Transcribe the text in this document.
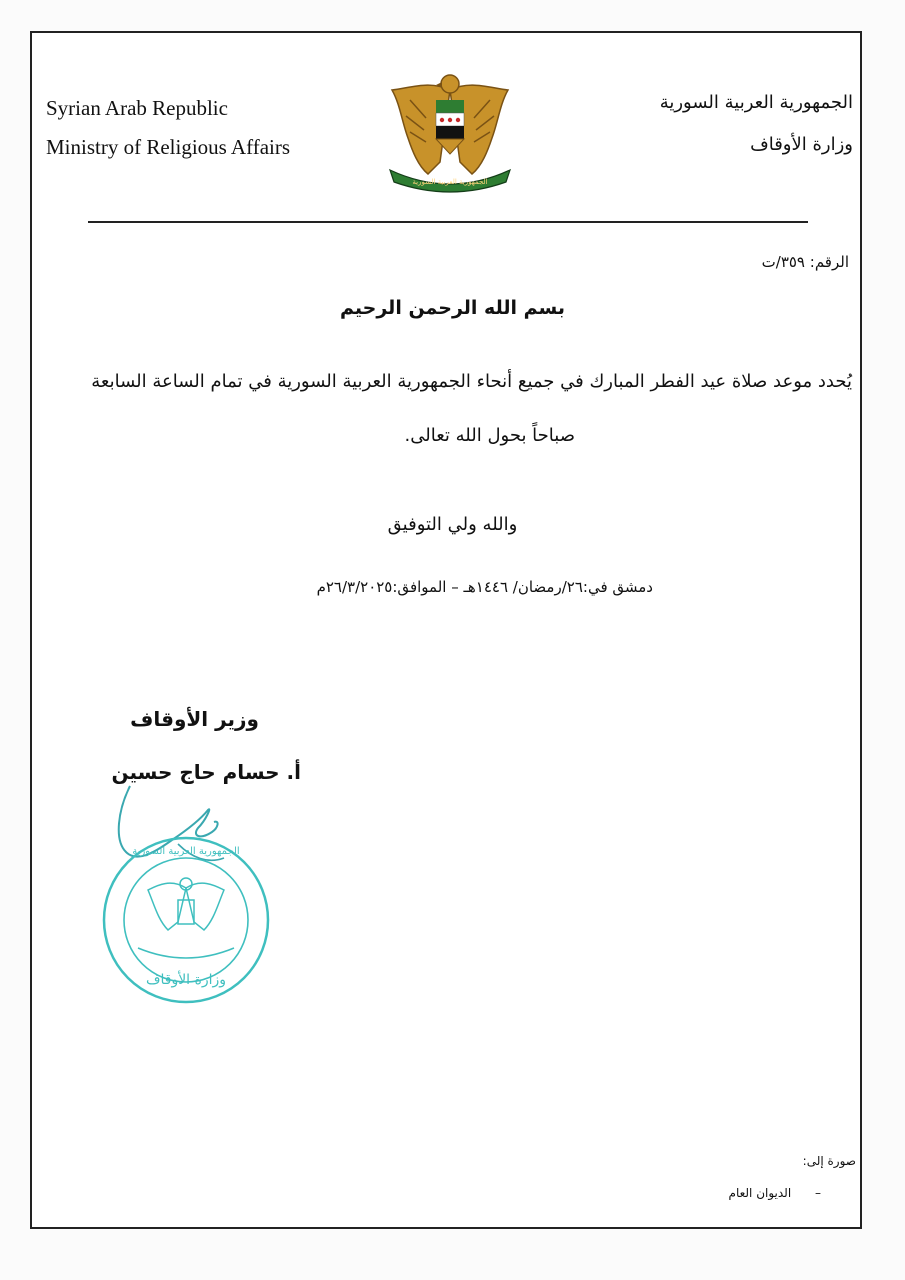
Syrian Arab Republic
Ministry of Religious Affairs
الجمهورية العربية السورية
وزارة الأوقاف
الجمهورية العربية السورية
الرقم: ٣٥٩/ت
بسم الله الرحمن الرحيم
يُحدد موعد صلاة عيد الفطر المبارك في جميع أنحاء الجمهورية العربية السورية في تمام الساعة السابعة
صباحاً بحول الله تعالى.
والله ولي التوفيق
دمشق في:٢٦/رمضان/ ١٤٤٦هـ – الموافق:٢٦/٣/٢٠٢٥م
وزير الأوقاف
أ. حسام حاج حسين
الجمهورية العربية السورية
وزارة الأوقاف
صورة إلى:
– الديوان العام
